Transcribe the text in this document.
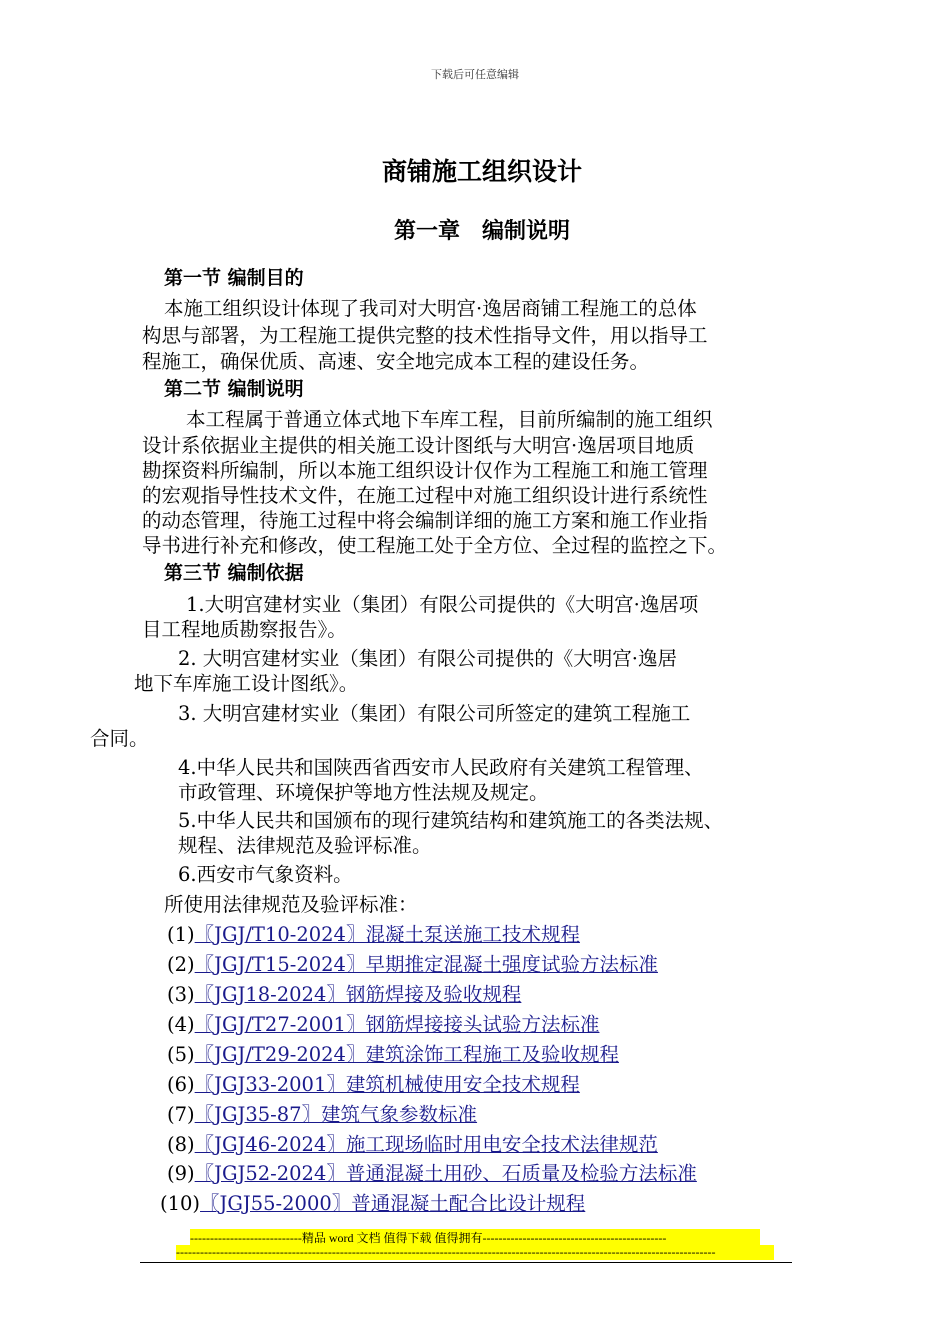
下载后可任意编辑
商铺施工组织设计
第一章　编制说明
第一节 编制目的
本施工组织设计体现了我司对大明宫·逸居商铺工程施工的总体
构思与部署，为工程施工提供完整的技术性指导文件，用以指导工
程施工，确保优质、高速、安全地完成本工程的建设任务。
第二节 编制说明
本工程属于普通立体式地下车库工程，目前所编制的施工组织
设计系依据业主提供的相关施工设计图纸与大明宫·逸居项目地质
勘探资料所编制，所以本施工组织设计仅作为工程施工和施工管理
的宏观指导性技术文件，在施工过程中对施工组织设计进行系统性
的动态管理，待施工过程中将会编制详细的施工方案和施工作业指
导书进行补充和修改，使工程施工处于全方位、全过程的监控之下。
第三节 编制依据
1.大明宫建材实业（集团）有限公司提供的《大明宫·逸居项
目工程地质勘察报告》。
2. 大明宫建材实业（集团）有限公司提供的《大明宫·逸居
地下车库施工设计图纸》。
3. 大明宫建材实业（集团）有限公司所签定的建筑工程施工
合同。
4.中华人民共和国陕西省西安市人民政府有关建筑工程管理、
市政管理、环境保护等地方性法规及规定。
5.中华人民共和国颁布的现行建筑结构和建筑施工的各类法规、
规程、法律规范及验评标准。
6.西安市气象资料。
所使用法律规范及验评标准：
(1)〖JGJ/T10-2024〗混凝土泵送施工技术规程
(2)〖JGJ/T15-2024〗早期推定混凝土强度试验方法标准
(3)〖JGJ18-2024〗钢筋焊接及验收规程
(4)〖JGJ/T27-2001〗钢筋焊接接头试验方法标准
(5)〖JGJ/T29-2024〗建筑涂饰工程施工及验收规程
(6)〖JGJ33-2001〗建筑机械使用安全技术规程
(7)〖JGJ35-87〗建筑气象参数标准
(8)〖JGJ46-2024〗施工现场临时用电安全技术法律规范
(9)〖JGJ52-2024〗普通混凝土用砂、石质量及检验方法标准
(10)〖JGJ55-2000〗普通混凝土配合比设计规程
----------------------------精品 word 文档 值得下载 值得拥有----------------------------------------------
---------------------------------------------------------------------------------------------------------------------------------------
